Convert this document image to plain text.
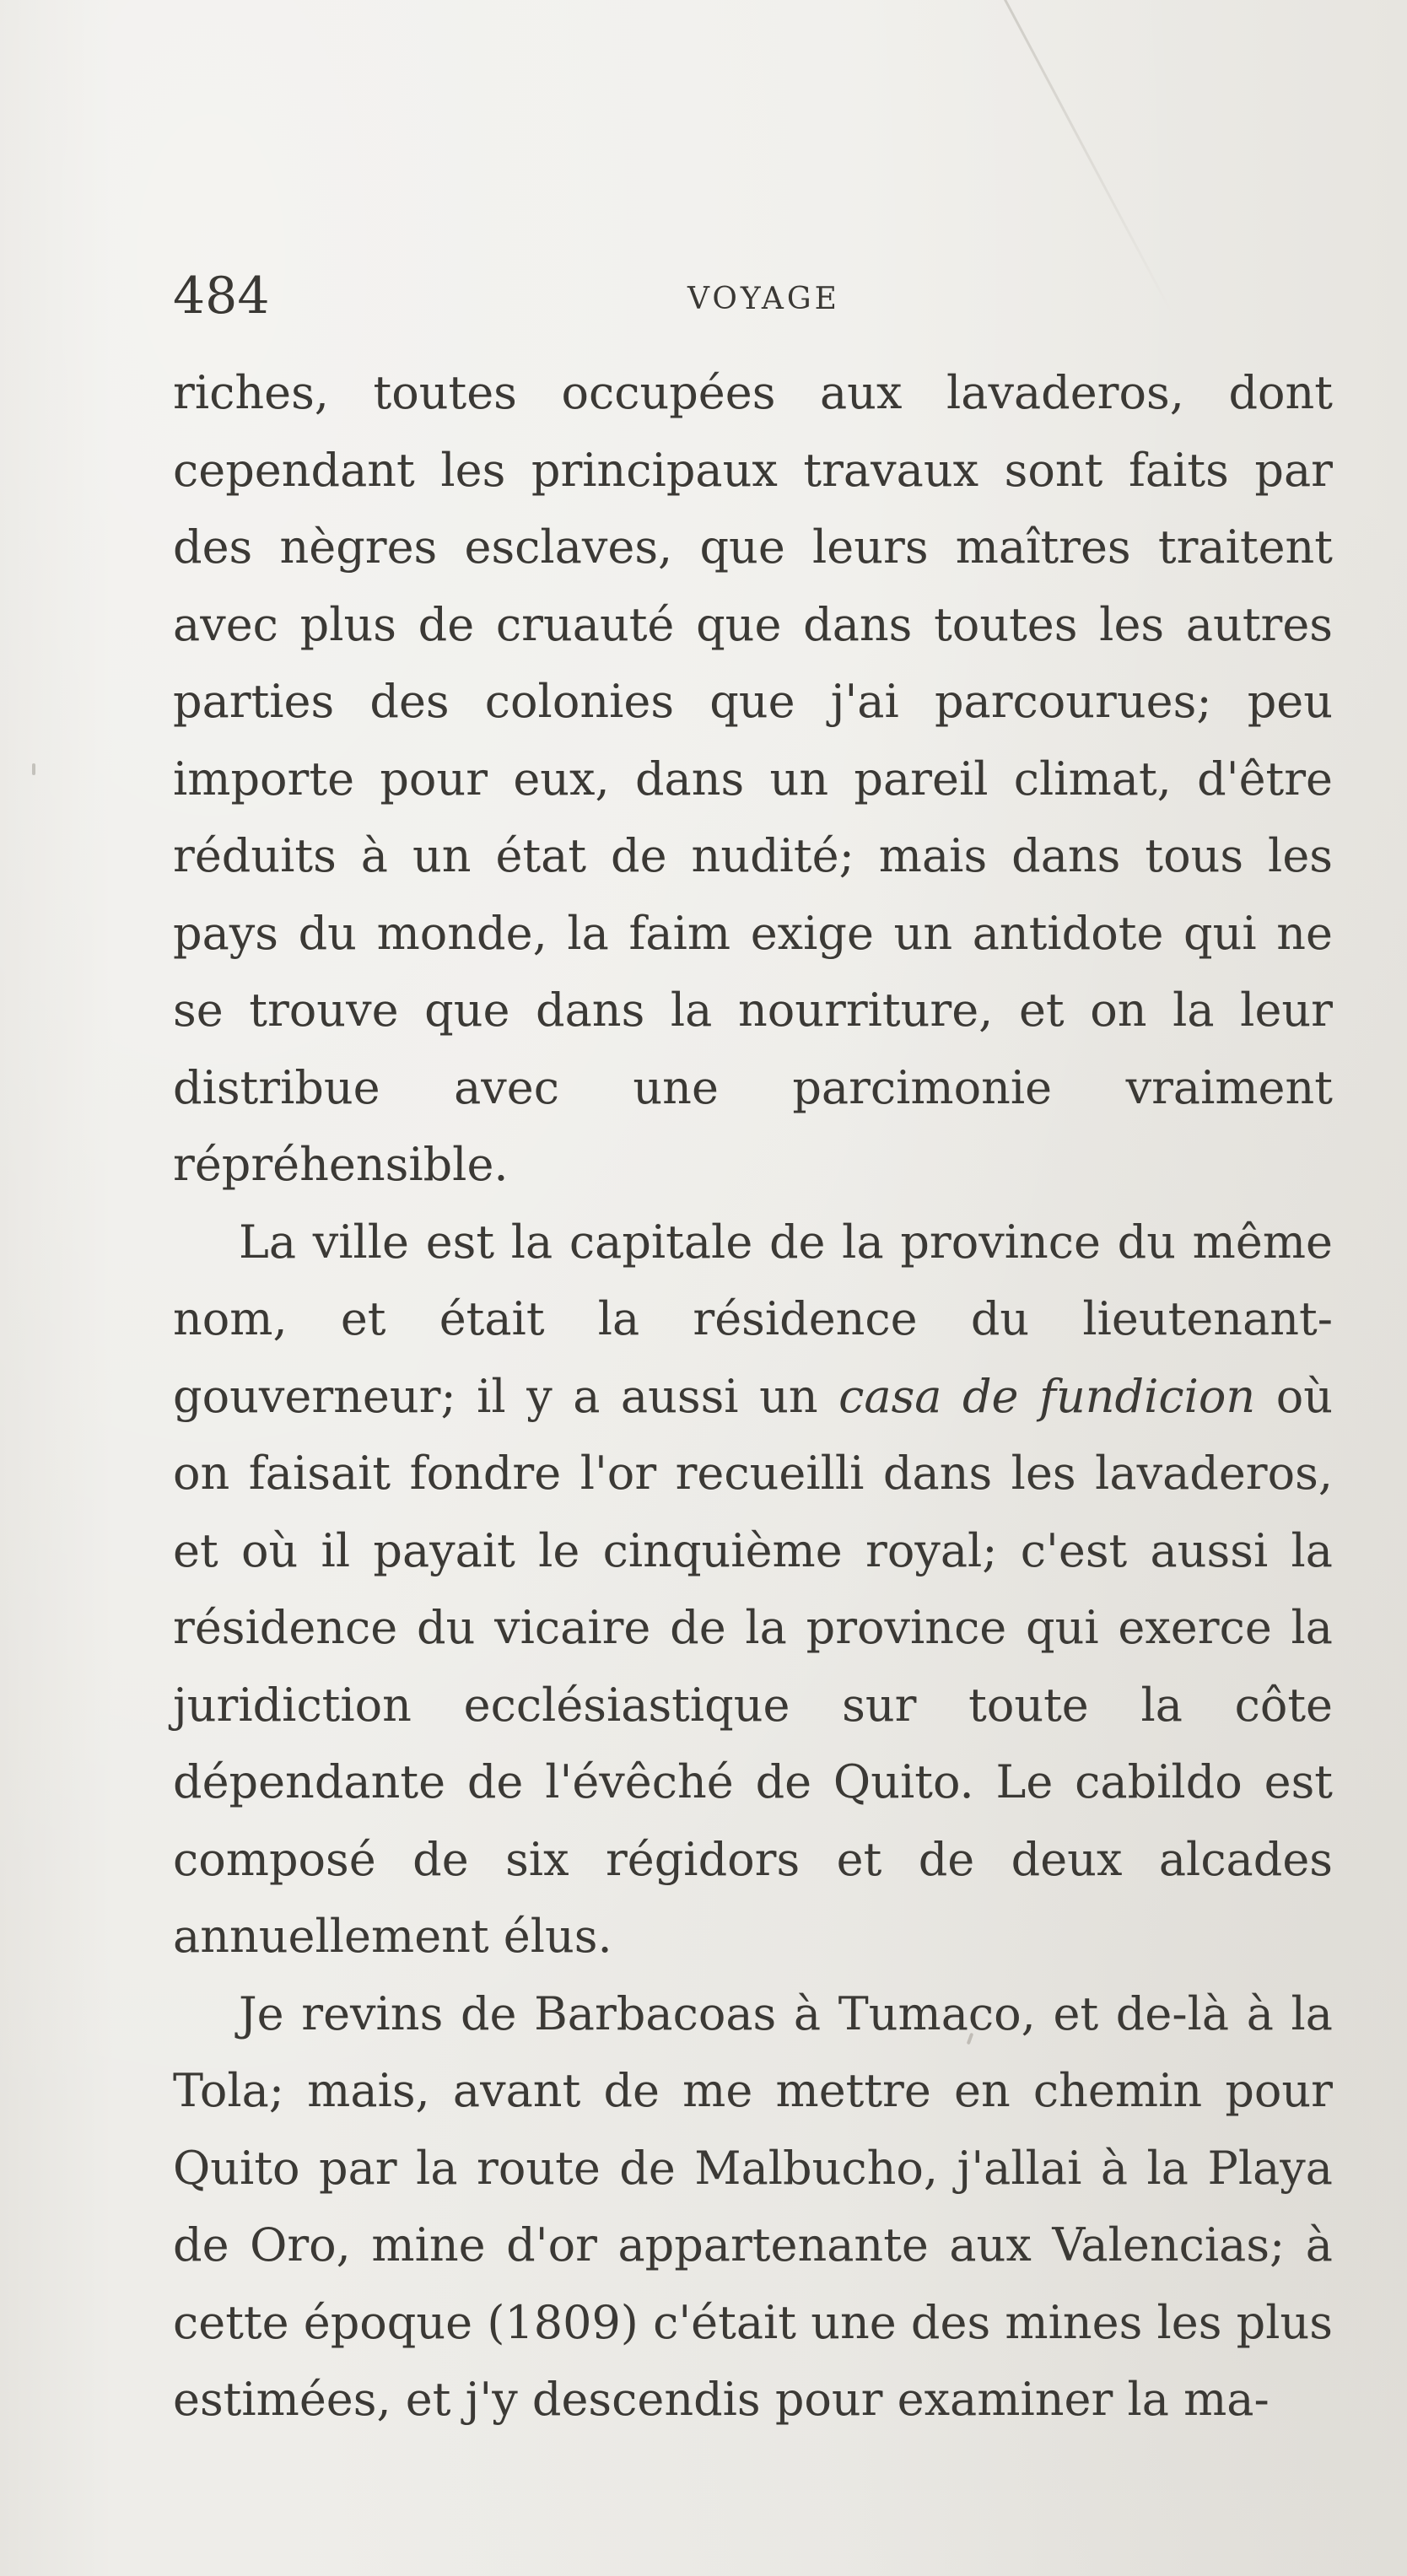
484	VOYAGE

riches, toutes occupées aux lavaderos, dont cependant les principaux travaux sont faits par des nègres esclaves, que leurs maîtres traitent avec plus de cruauté que dans toutes les autres parties des colonies que j'ai parcourues; peu importe pour eux, dans un pareil climat, d'être réduits à un état de nudité; mais dans tous les pays du monde, la faim exige un antidote qui ne se trouve que dans la nourriture, et on la leur distribue avec une parcimonie vraiment répréhensible.

La ville est la capitale de la province du même nom, et était la résidence du lieutenant-gouverneur; il y a aussi un casa de fundicion où on faisait fondre l'or recueilli dans les lavaderos, et où il payait le cinquième royal; c'est aussi la résidence du vicaire de la province qui exerce la juridiction ecclésiastique sur toute la côte dépendante de l'évêché de Quito. Le cabildo est composé de six régidors et de deux alcades annuellement élus.

Je revins de Barbacoas à Tumaco, et de-là à la Tola; mais, avant de me mettre en chemin pour Quito par la route de Malbucho, j'allai à la Playa de Oro, mine d'or appartenante aux Valencias; à cette époque (1809) c'était une des mines les plus estimées, et j'y descendis pour examiner la ma-
